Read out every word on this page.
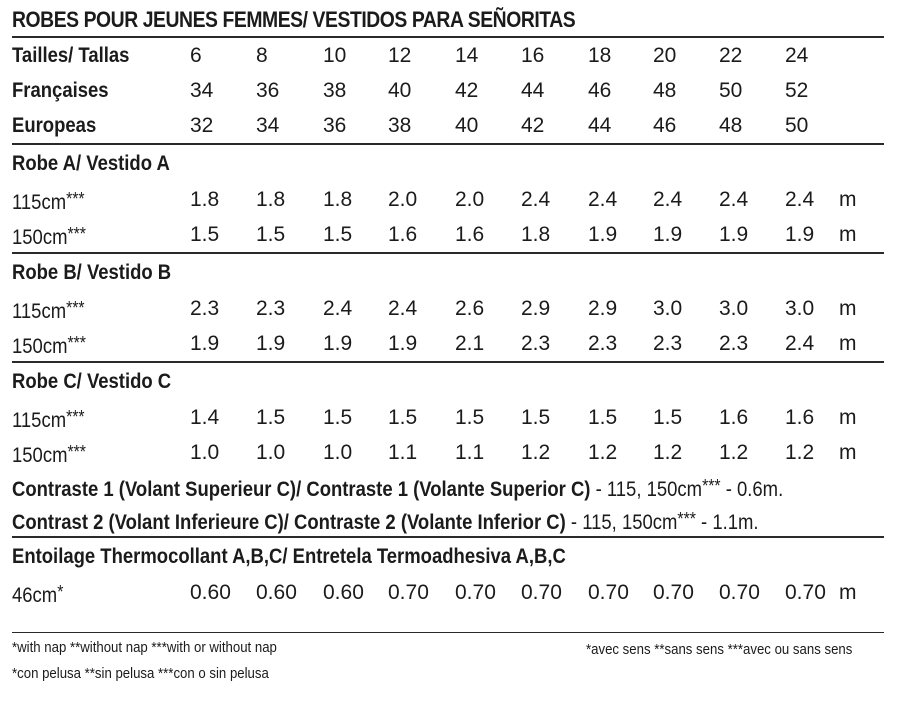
ROBES POUR JEUNES FEMMES/ VESTIDOS PARA SEÑORITAS
Tailles/ Tallas	6	8	10 12 14 16 18 20 22 24
Françaises	34 36 38 40 42 44 46 48 50 52
Europeas	32 34 36 38 40 42 44 46 48 50
Robe A/ Vestido A
115cm***	1.8 1.8 1.8 2.0 2.0 2.4 2.4 2.4 2.4 2.4 m
150cm***	1.5 1.5 1.5 1.6 1.6 1.8 1.9 1.9 1.9 1.9 m
Robe B/ Vestido B
115cm***	2.3 2.3 2.4 2.4 2.6 2.9 2.9 3.0 3.0 3.0 m
150cm***	1.9 1.9 1.9 1.9 2.1 2.3 2.3 2.3 2.3 2.4 m
Robe C/ Vestido C
115cm***	1.4 1.5 1.5 1.5 1.5 1.5 1.5 1.5 1.6 1.6 m
150cm***	1.0 1.0 1.0 1.1 1.1 1.2 1.2 1.2 1.2 1.2 m
Contraste 1 (Volant Superieur C)/ Contraste 1 (Volante Superior C) - 115, 150cm*** - 0.6m.
Contrast 2 (Volant Inferieure C)/ Contraste 2 (Volante Inferior C) - 115, 150cm*** - 1.1m.
Entoilage Thermocollant A,B,C/ Entretela Termoadhesiva A,B,C
46cm*	0.60 0.60 0.60 0.70 0.70 0.70 0.70 0.70 0.70 0.70 m
*with nap **without nap ***with or without nap
*con pelusa **sin pelusa ***con o sin pelusa
*avec sens **sans sens ***avec ou sans sens
